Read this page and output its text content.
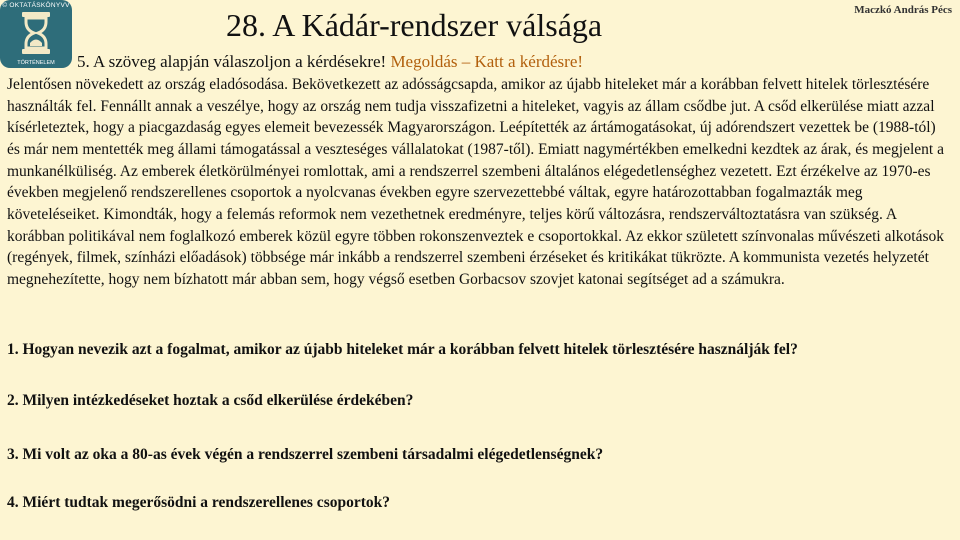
© OKTATÁSKÖNYVV
TÖRTÉNELEM
28. A Kádár-rendszer válsága	Maczkó András Pécs
5. A szöveg alapján válaszoljon a kérdésekre! Megoldás – Katt a kérdésre!
Jelentősen növekedett az ország eladósodása. Bekövetkezett az adósságcsapda, amikor az újabb hiteleket már a korábban felvett hitelek törlesztésére használták fel. Fennállt annak a veszélye, hogy az ország nem tudja visszafizetni a hiteleket, vagyis az állam csődbe jut. A csőd elkerülése miatt azzal kísérleteztek, hogy a piacgazdaság egyes elemeit bevezessék Magyarországon. Leépítették az ártámogatásokat, új adórendszert vezettek be (1988-tól) és már nem mentették meg állami támogatással a veszteséges vállalatokat (1987-től). Emiatt nagymértékben emelkedni kezdtek az árak, és megjelent a munkanélküliség. Az emberek életkörülményei romlottak, ami a rendszerrel szembeni általános elégedetlenséghez vezetett. Ezt érzékelve az 1970-es években megjelenő rendszerellenes csoportok a nyolcvanas években egyre szervezettebbé váltak, egyre határozottabban fogalmazták meg követeléseiket. Kimondták, hogy a felemás reformok nem vezethetnek eredményre, teljes körű változásra, rendszerváltoztatásra van szükség. A korábban politikával nem foglalkozó emberek közül egyre többen rokonszenveztek e csoportokkal. Az ekkor született színvonalas művészeti alkotások (regények, filmek, színházi előadások) többsége már inkább a rendszerrel szembeni érzéseket és kritikákat tükrözte. A kommunista vezetés helyzetét megnehezítette, hogy nem bízhatott már abban sem, hogy végső esetben Gorbacsov szovjet katonai segítséget ad a számukra.
1. Hogyan nevezik azt a fogalmat, amikor az újabb hiteleket már a korábban felvett hitelek törlesztésére használják fel?
2. Milyen intézkedéseket hoztak a csőd elkerülése érdekében?
3. Mi volt az oka a 80-as évek végén a rendszerrel szembeni társadalmi elégedetlenségnek?
4. Miért tudtak megerősödni a rendszerellenes csoportok?
